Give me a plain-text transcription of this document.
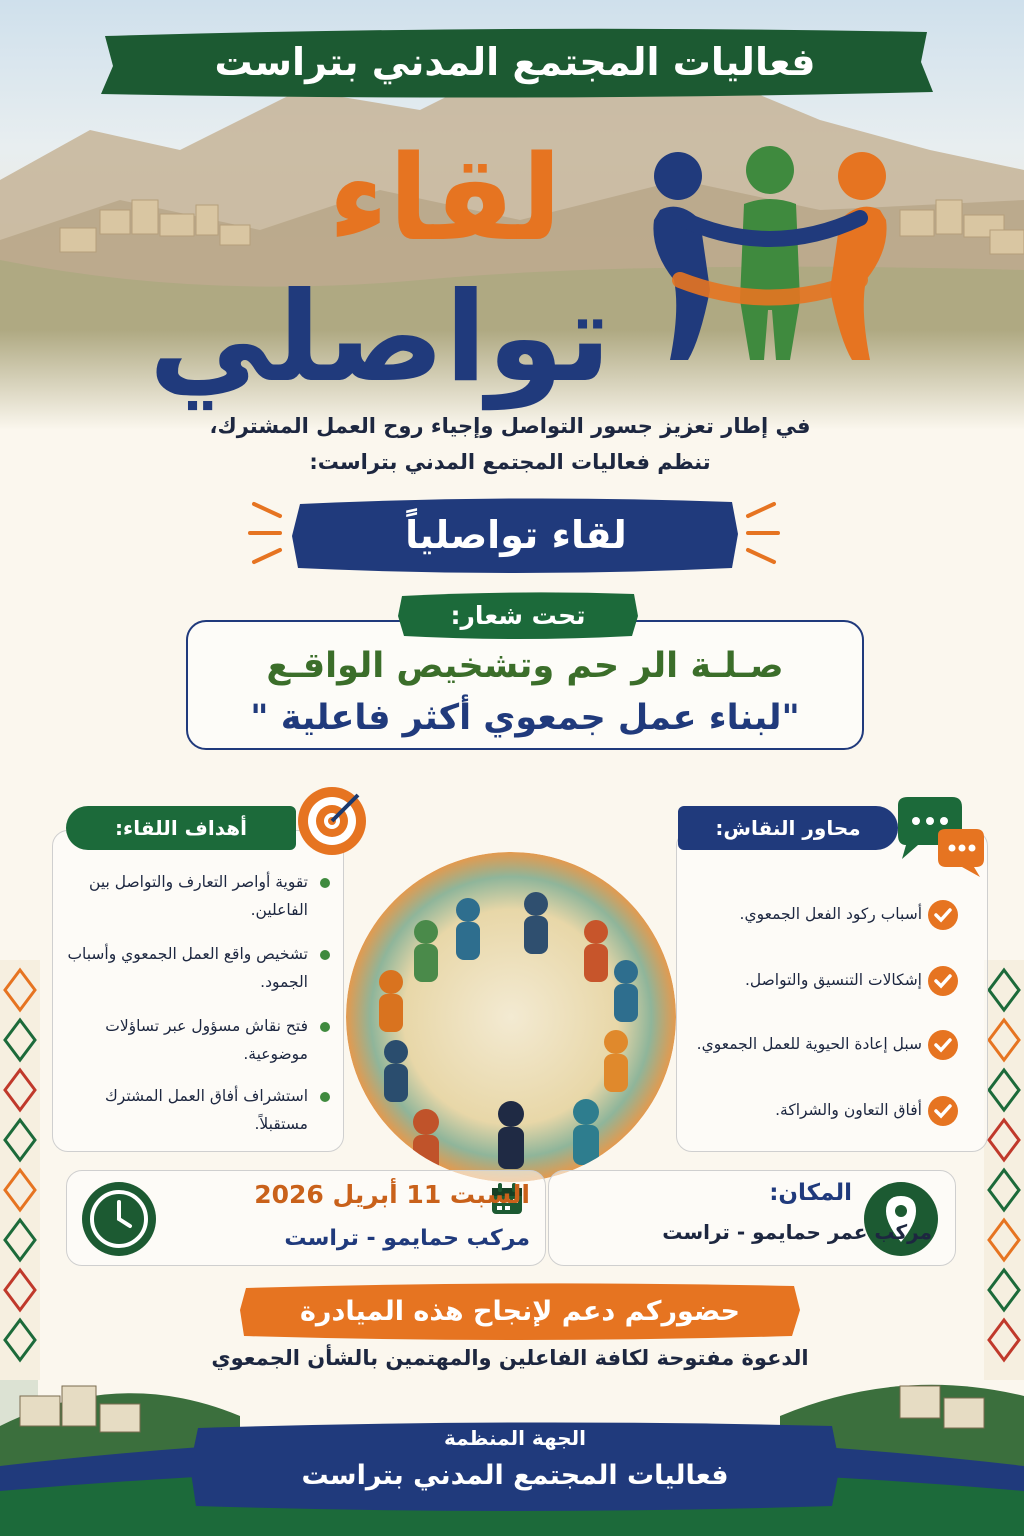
فعاليات المجتمع المدني بتراست
لقاء
تواصلي
في إطار تعزيز جسور التواصل وإجياء روح العمل المشترك،
تنظم فعاليات المجتمع المدني بتراست:
لقاء تواصلياً
صـلـة الر حم وتشخيص الواقـع
"لبناء عمل جمعوي أكثر فاعلية "
تحت شعار:
أهداف اللقاء:
تقوية أواصر التعارف والتواصل بين الفاعلين.
تشخيص واقع العمل الجمعوي وأسباب الجمود.
فتح نقاش مسؤول عبر تساؤلات موضوعية.
استشراف أفاق العمل المشترك مستقبلاً.
محاور النقاش:
أسباب ركود الفعل الجمعوي.
إشكالات التنسيق والتواصل.
سبل إعادة الحيوية للعمل الجمعوي.
أفاق التعاون والشراكة.
السبت 11 أبريل 2026
مركب حمايمو - تراست
المكان:
مركب عمر حمايمو - تراست
حضوركم دعم لإنجاح هذه الميادرة
الدعوة مفتوحة لكافة الفاعلين والمهتمين بالشأن الجمعوي
الجهة المنظمة
فعاليات المجتمع المدني بتراست
